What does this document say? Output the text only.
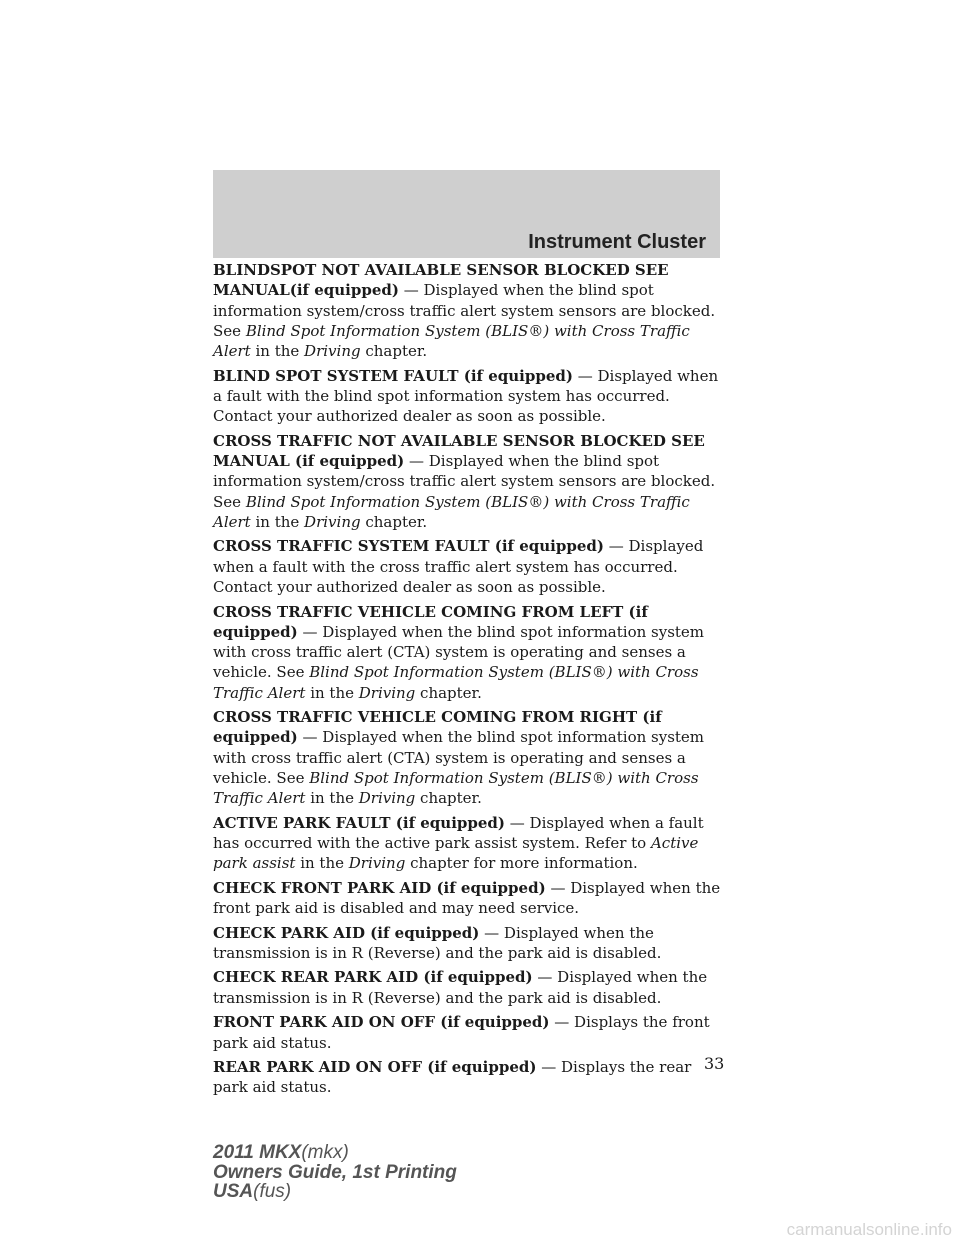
Instrument Cluster

BLINDSPOT NOT AVAILABLE SENSOR BLOCKED SEE MANUAL(if equipped) — Displayed when the blind spot information system/cross traffic alert system sensors are blocked. See Blind Spot Information System (BLIS®) with Cross Traffic Alert in the Driving chapter.

BLIND SPOT SYSTEM FAULT (if equipped) — Displayed when a fault with the blind spot information system has occurred. Contact your authorized dealer as soon as possible.

CROSS TRAFFIC NOT AVAILABLE SENSOR BLOCKED SEE MANUAL (if equipped) — Displayed when the blind spot information system/cross traffic alert system sensors are blocked. See Blind Spot Information System (BLIS®) with Cross Traffic Alert in the Driving chapter.

CROSS TRAFFIC SYSTEM FAULT (if equipped) — Displayed when a fault with the cross traffic alert system has occurred. Contact your authorized dealer as soon as possible.

CROSS TRAFFIC VEHICLE COMING FROM LEFT (if equipped) — Displayed when the blind spot information system with cross traffic alert (CTA) system is operating and senses a vehicle. See Blind Spot Information System (BLIS®) with Cross Traffic Alert in the Driving chapter.

CROSS TRAFFIC VEHICLE COMING FROM RIGHT (if equipped) — Displayed when the blind spot information system with cross traffic alert (CTA) system is operating and senses a vehicle. See Blind Spot Information System (BLIS®) with Cross Traffic Alert in the Driving chapter.

ACTIVE PARK FAULT (if equipped) — Displayed when a fault has occurred with the active park assist system. Refer to Active park assist in the Driving chapter for more information.

CHECK FRONT PARK AID (if equipped) — Displayed when the front park aid is disabled and may need service.

CHECK PARK AID (if equipped) — Displayed when the transmission is in R (Reverse) and the park aid is disabled.

CHECK REAR PARK AID (if equipped) — Displayed when the transmission is in R (Reverse) and the park aid is disabled.

FRONT PARK AID ON OFF (if equipped) — Displays the front park aid status.

REAR PARK AID ON OFF (if equipped) — Displays the rear park aid status.

33
2011 MKX(mkx)
Owners Guide, 1st Printing
USA(fus)
carmanualsonline.info
